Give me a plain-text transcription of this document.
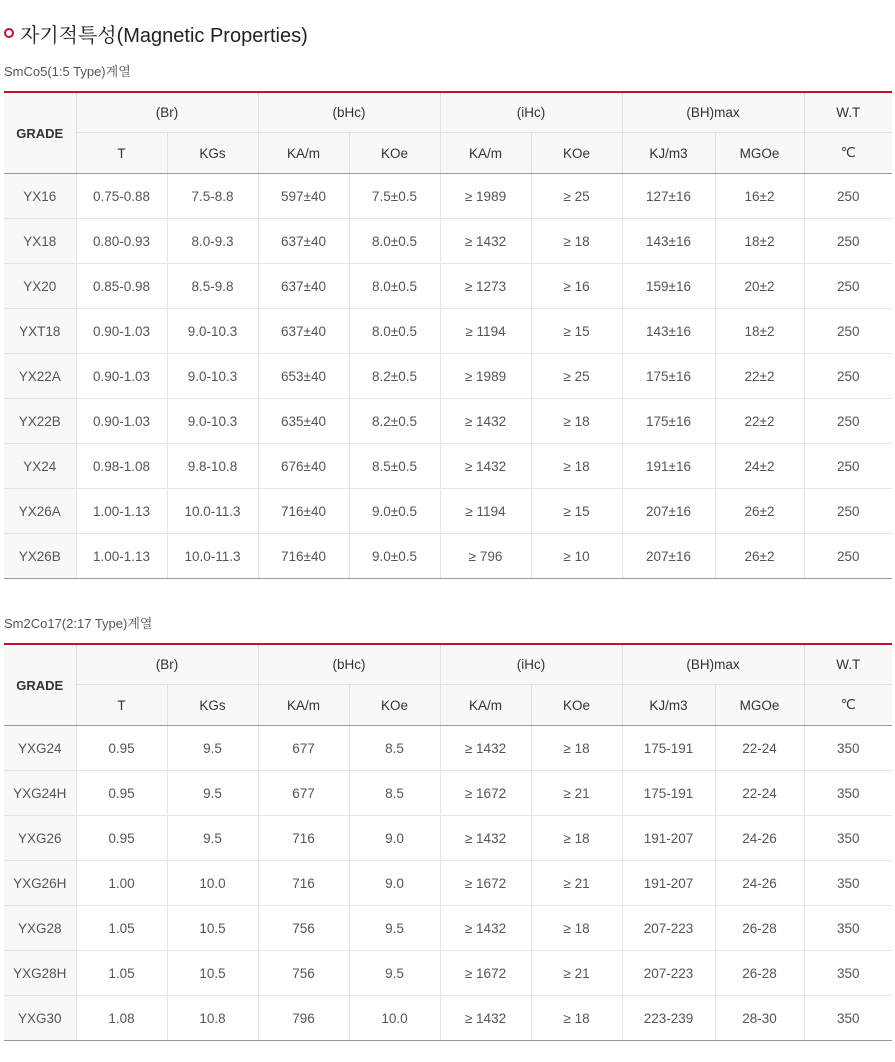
자기적특성(Magnetic Properties)
SmCo5(1:5 Type)계열
GRADE	(Br)		(bHc)		(iHc)		(BH)max		W.T
	T	KGs	KA/m	KOe	KA/m	KOe	KJ/m3	MGOe	℃
YX16	0.75-0.88	7.5-8.8	597±40	7.5±0.5	≥ 1989	≥ 25	127±16	16±2	250
YX18	0.80-0.93	8.0-9.3	637±40	8.0±0.5	≥ 1432	≥ 18	143±16	18±2	250
YX20	0.85-0.98	8.5-9.8	637±40	8.0±0.5	≥ 1273	≥ 16	159±16	20±2	250
YXT18	0.90-1.03	9.0-10.3	637±40	8.0±0.5	≥ 1194	≥ 15	143±16	18±2	250
YX22A	0.90-1.03	9.0-10.3	653±40	8.2±0.5	≥ 1989	≥ 25	175±16	22±2	250
YX22B	0.90-1.03	9.0-10.3	635±40	8.2±0.5	≥ 1432	≥ 18	175±16	22±2	250
YX24	0.98-1.08	9.8-10.8	676±40	8.5±0.5	≥ 1432	≥ 18	191±16	24±2	250
YX26A	1.00-1.13	10.0-11.3	716±40	9.0±0.5	≥ 1194	≥ 15	207±16	26±2	250
YX26B	1.00-1.13	10.0-11.3	716±40	9.0±0.5	≥ 796	≥ 10	207±16	26±2	250
Sm2Co17(2:17 Type)계열
GRADE	(Br)		(bHc)		(iHc)		(BH)max		W.T
	T	KGs	KA/m	KOe	KA/m	KOe	KJ/m3	MGOe	℃
YXG24	0.95	9.5	677	8.5	≥ 1432	≥ 18	175-191	22-24	350
YXG24H	0.95	9.5	677	8.5	≥ 1672	≥ 21	175-191	22-24	350
YXG26	0.95	9.5	716	9.0	≥ 1432	≥ 18	191-207	24-26	350
YXG26H	1.00	10.0	716	9.0	≥ 1672	≥ 21	191-207	24-26	350
YXG28	1.05	10.5	756	9.5	≥ 1432	≥ 18	207-223	26-28	350
YXG28H	1.05	10.5	756	9.5	≥ 1672	≥ 21	207-223	26-28	350
YXG30	1.08	10.8	796	10.0	≥ 1432	≥ 18	223-239	28-30	350
